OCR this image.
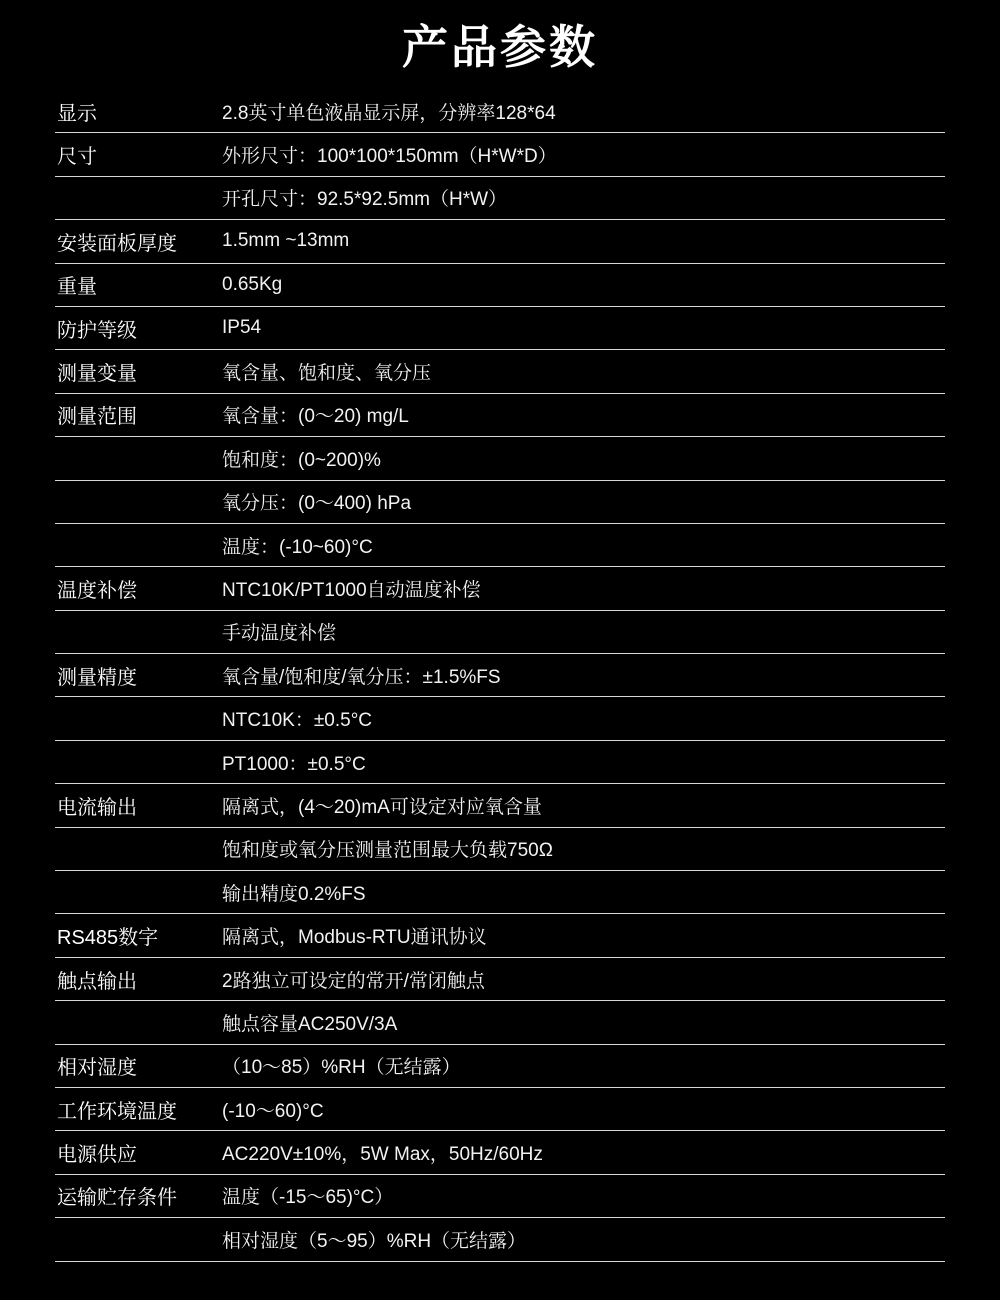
产品参数
显示	2.8英寸单色液晶显示屏，分辨率128*64
尺寸	外形尺寸：100*100*150mm（H*W*D）
开孔尺寸：92.5*92.5mm（H*W）
安装面板厚度	1.5mm ~13mm
重量	0.65Kg
防护等级	IP54
测量变量	氧含量、饱和度、氧分压
测量范围	氧含量：(0～20) mg/L
饱和度：(0~200)%
氧分压：(0～400) hPa
温度：(-10~60)°C
温度补偿	NTC10K/PT1000自动温度补偿
手动温度补偿
测量精度	氧含量/饱和度/氧分压：±1.5%FS
NTC10K：±0.5°C
PT1000：±0.5°C
电流输出	隔离式，(4～20)mA可设定对应氧含量
饱和度或氧分压测量范围最大负载750Ω
输出精度0.2%FS
RS485数字	隔离式，Modbus-RTU通讯协议
触点输出	2路独立可设定的常开/常闭触点
触点容量AC250V/3A
相对湿度	（10～85）%RH（无结露）
工作环境温度	(-10～60)°C
电源供应	AC220V±10%，5W Max，50Hz/60Hz
运输贮存条件	温度（-15～65)°C）
相对湿度（5～95）%RH（无结露）
